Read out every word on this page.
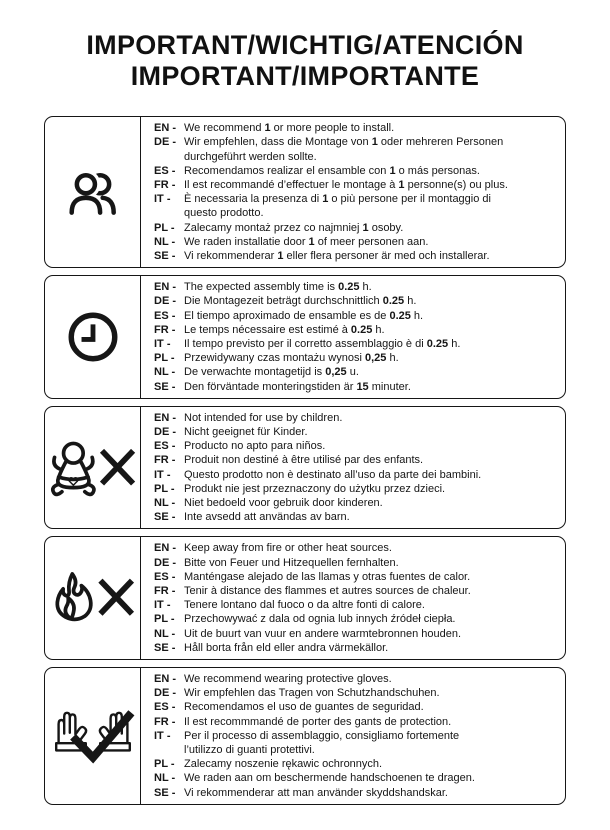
IMPORTANT/WICHTIG/ATENCIÓN
IMPORTANT/IMPORTANTE
EN - We recommend 1 or more people to install.
DE - Wir empfehlen, dass die Montage von 1 oder mehreren Personen
durchgeführt werden sollte.
ES - Recomendamos realizar el ensamble con 1 o más personas.
FR - Il est recommandé d’effectuer le montage à 1 personne(s) ou plus.
IT - È necessaria la presenza di 1 o più persone per il montaggio di
questo prodotto.
PL - Zalecamy montaż przez co najmniej 1 osoby.
NL - We raden installatie door 1 of meer personen aan.
SE - Vi rekommenderar 1 eller flera personer är med och installerar.
EN - The expected assembly time is 0.25 h.
DE - Die Montagezeit beträgt durchschnittlich 0.25 h.
ES - El tiempo aproximado de ensamble es de 0.25 h.
FR - Le temps nécessaire est estimé à 0.25 h.
IT - Il tempo previsto per il corretto assemblaggio è di 0.25 h.
PL - Przewidywany czas montażu wynosi 0,25 h.
NL - De verwachte montagetijd is 0,25 u.
SE - Den förväntade monteringstiden är 15 minuter.
EN - Not intended for use by children.
DE - Nicht geeignet für Kinder.
ES - Producto no apto para niños.
FR - Produit non destiné à être utilisé par des enfants.
IT - Questo prodotto non è destinato all’uso da parte dei bambini.
PL - Produkt nie jest przeznaczony do użytku przez dzieci.
NL - Niet bedoeld voor gebruik door kinderen.
SE - Inte avsedd att användas av barn.
EN - Keep away from fire or other heat sources.
DE - Bitte von Feuer und Hitzequellen fernhalten.
ES - Manténgase alejado de las llamas y otras fuentes de calor.
FR - Tenir à distance des flammes et autres sources de chaleur.
IT - Tenere lontano dal fuoco o da altre fonti di calore.
PL - Przechowywać z dala od ognia lub innych źródeł ciepła.
NL - Uit de buurt van vuur en andere warmtebronnen houden.
SE - Håll borta från eld eller andra värmekällor.
EN - We recommend wearing protective gloves.
DE - Wir empfehlen das Tragen von Schutzhandschuhen.
ES - Recomendamos el uso de guantes de seguridad.
FR - Il est recommmandé de porter des gants de protection.
IT - Per il processo di assemblaggio, consigliamo fortemente
l’utilizzo di guanti protettivi.
PL - Zalecamy noszenie rękawic ochronnych.
NL - We raden aan om beschermende handschoenen te dragen.
SE - Vi rekommenderar att man använder skyddshandskar.
